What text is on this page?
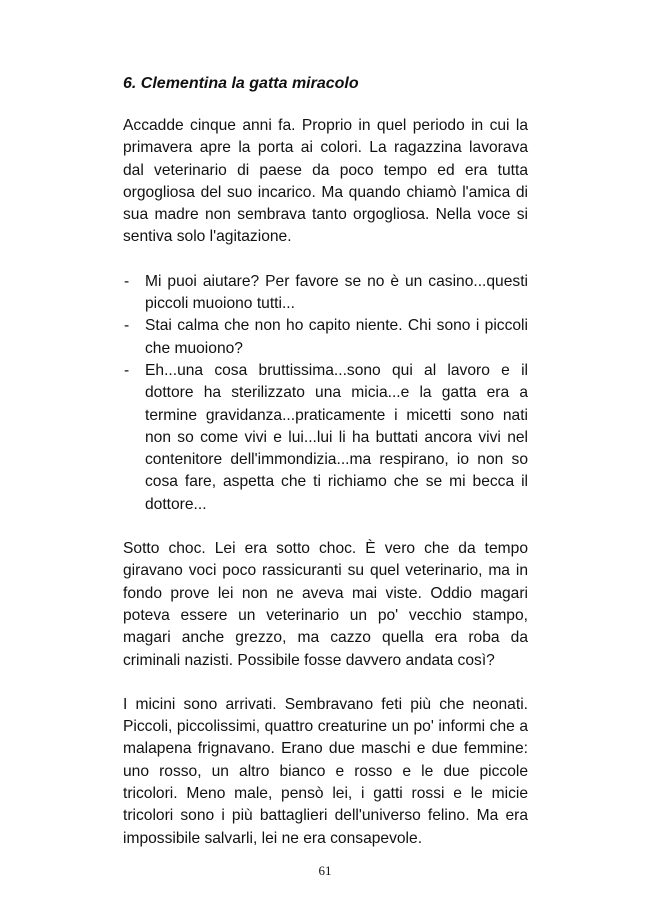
6. Clementina la gatta miracolo

Accadde cinque anni fa. Proprio in quel periodo in cui la primavera apre la porta ai colori. La ragazzina lavorava dal veterinario di paese da poco tempo ed era tutta orgogliosa del suo incarico. Ma quando chiamò l'amica di sua madre non sembrava tanto orgogliosa. Nella voce si sentiva solo l'agitazione.

- Mi puoi aiutare? Per favore se no è un casino...questi piccoli muoiono tutti...
- Stai calma che non ho capito niente. Chi sono i piccoli che muoiono?
- Eh...una cosa bruttissima...sono qui al lavoro e il dottore ha sterilizzato una micia...e la gatta era a termine gravidanza...praticamente i micetti sono nati non so come vivi e lui...lui li ha buttati ancora vivi nel contenitore dell'immondizia...ma respirano, io non so cosa fare, aspetta che ti richiamo che se mi becca il dottore...

Sotto choc. Lei era sotto choc. È vero che da tempo giravano voci poco rassicuranti su quel veterinario, ma in fondo prove lei non ne aveva mai viste. Oddio magari poteva essere un veterinario un po' vecchio stampo, magari anche grezzo, ma cazzo quella era roba da criminali nazisti. Possibile fosse davvero andata così?

I micini sono arrivati. Sembravano feti più che neonati. Piccoli, piccolissimi, quattro creaturine un po' informi che a malapena frignavano. Erano due maschi e due femmine: uno rosso, un altro bianco e rosso e le due piccole tricolori. Meno male, pensò lei, i gatti rossi e le micie tricolori sono i più battaglieri dell'universo felino. Ma era impossibile salvarli, lei ne era consapevole.

61
